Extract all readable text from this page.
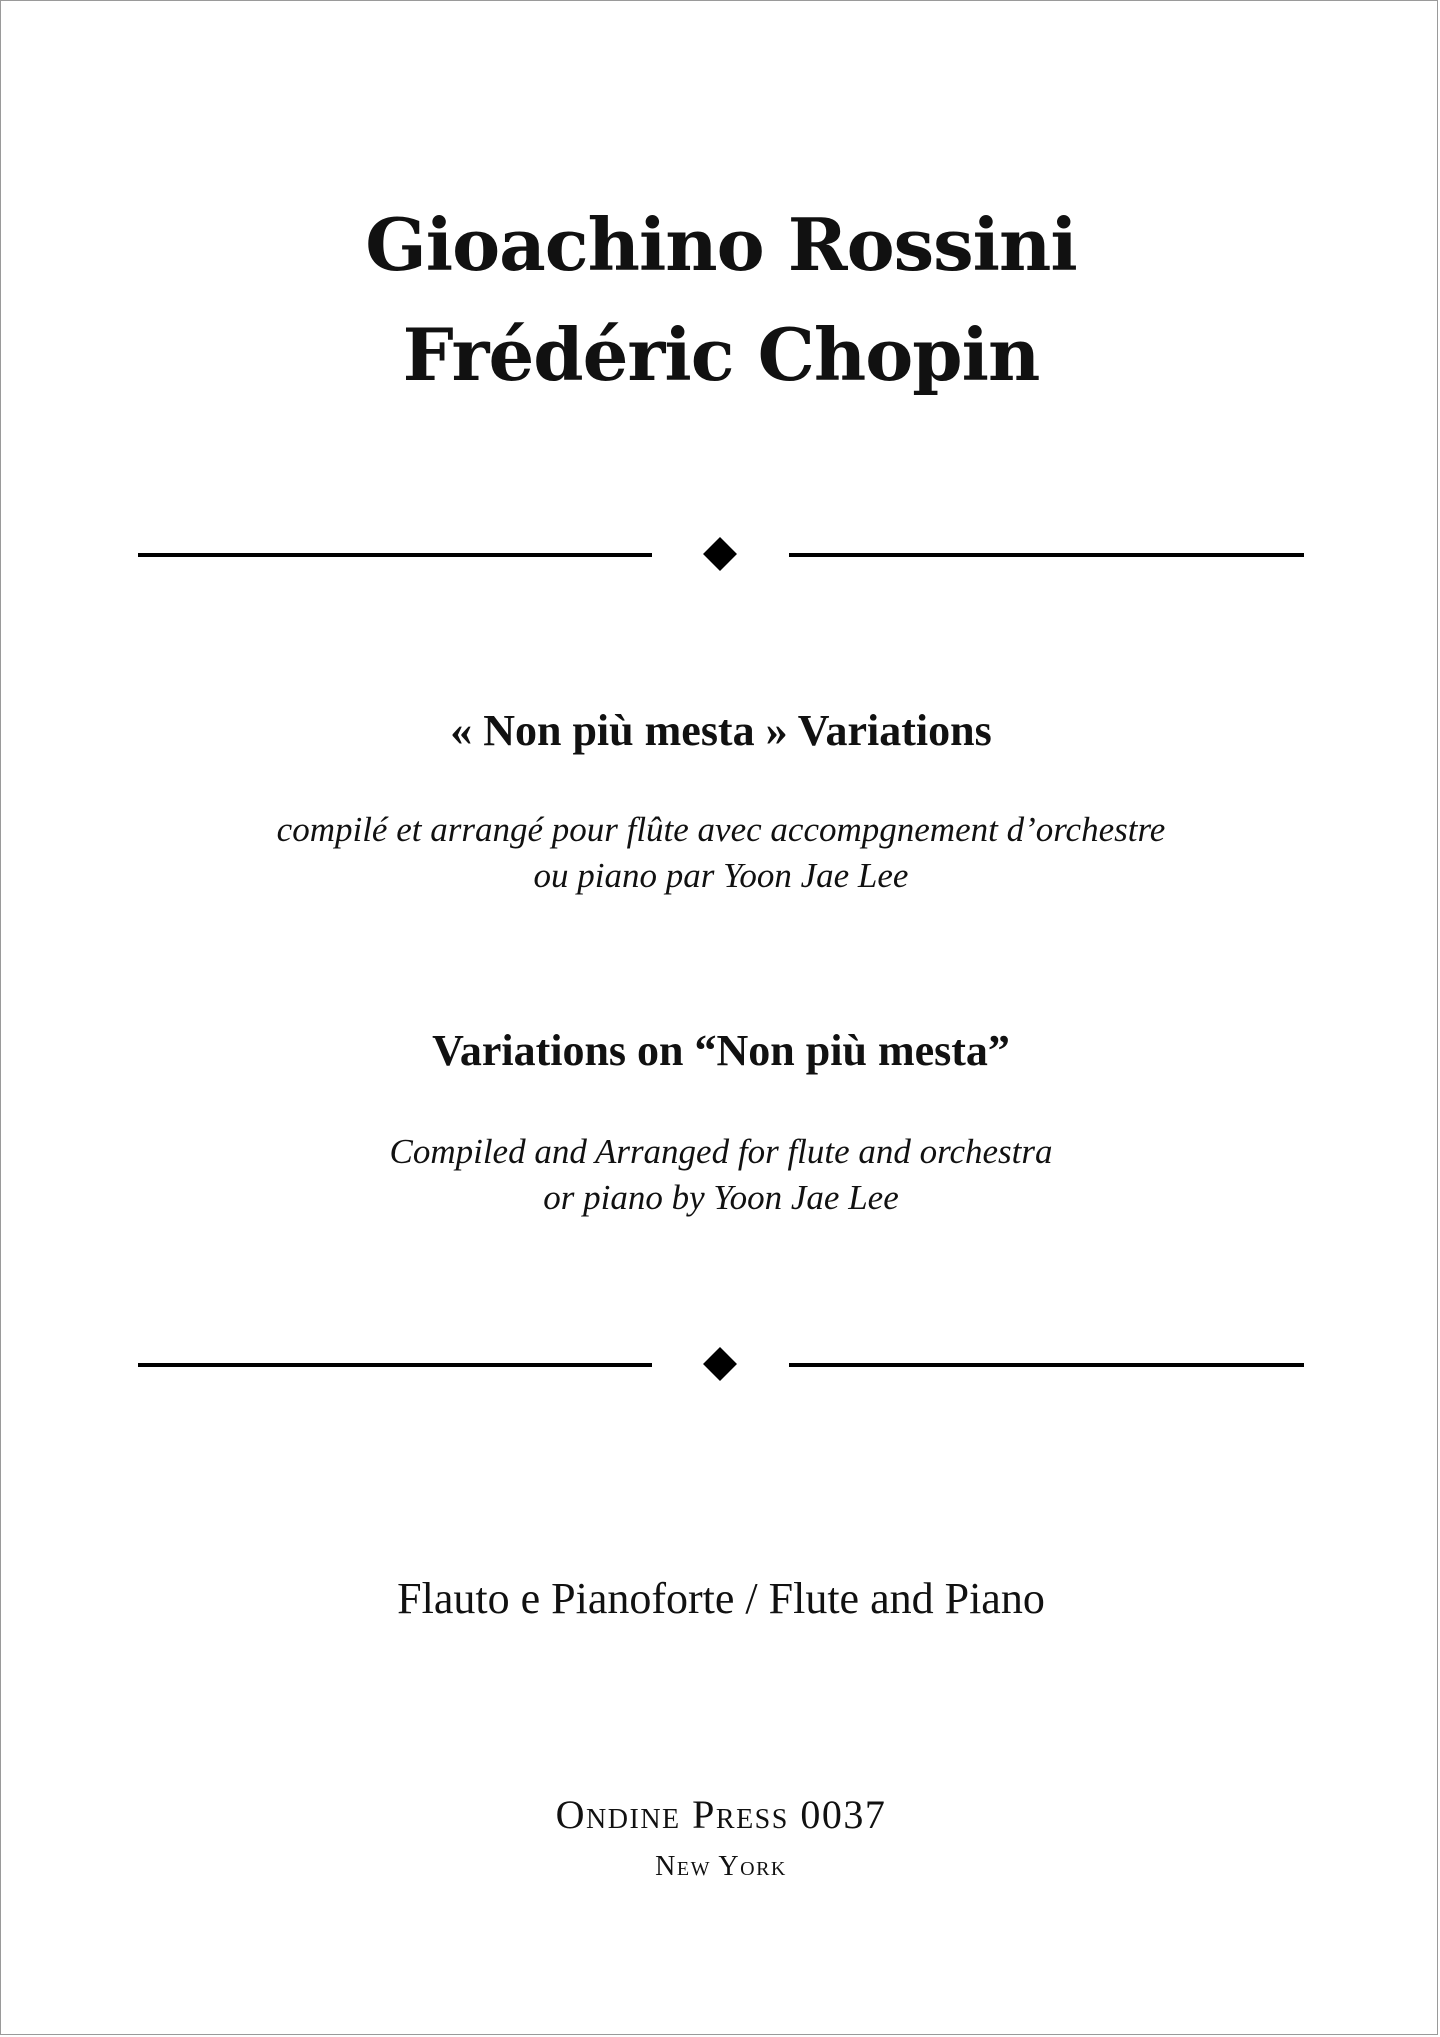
Gioachino Rossini
Frédéric Chopin
« Non più mesta » Variations
compilé et arrangé pour flûte avec accompgnement d’orchestre
ou piano par Yoon Jae Lee
Variations on “Non più mesta”
Compiled and Arranged for flute and orchestra
or piano by Yoon Jae Lee
Flauto e Pianoforte / Flute and Piano
Ondine Press 0037
New York
